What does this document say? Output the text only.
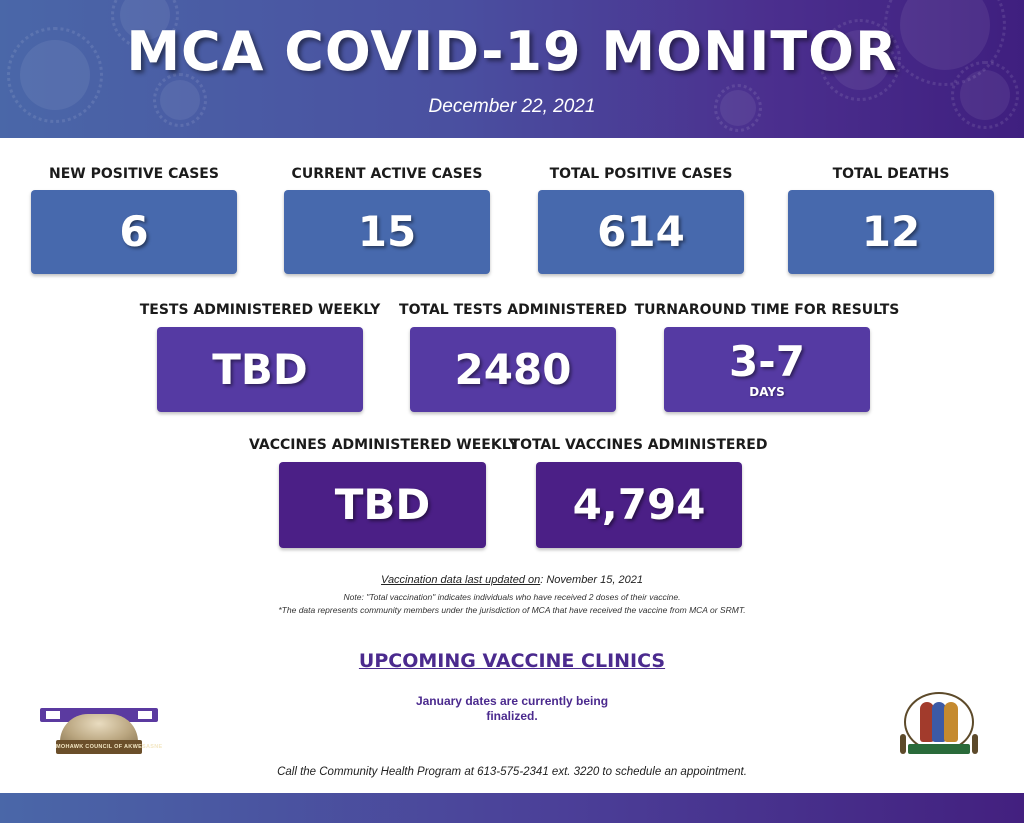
MCA COVID-19 MONITOR
December 22, 2021
NEW POSITIVE CASES
6
CURRENT ACTIVE CASES
15
TOTAL POSITIVE CASES
614
TOTAL DEATHS
12
TESTS ADMINISTERED WEEKLY
TBD
TOTAL TESTS ADMINISTERED
2480
TURNAROUND TIME FOR RESULTS
3-7
DAYS
VACCINES ADMINISTERED WEEKLY
TBD
TOTAL VACCINES ADMINISTERED
4,794
Vaccination data last updated on: November 15, 2021
Note: "Total vaccination" indicates individuals who have received 2 doses of their vaccine.
*The data represents community members under the jurisdiction of MCA that have received the vaccine from MCA or SRMT.
UPCOMING VACCINE CLINICS
January dates are currently being finalized.
MOHAWK COUNCIL OF AKWESASNE
Call the Community Health Program at 613-575-2341 ext. 3220 to schedule an appointment.
